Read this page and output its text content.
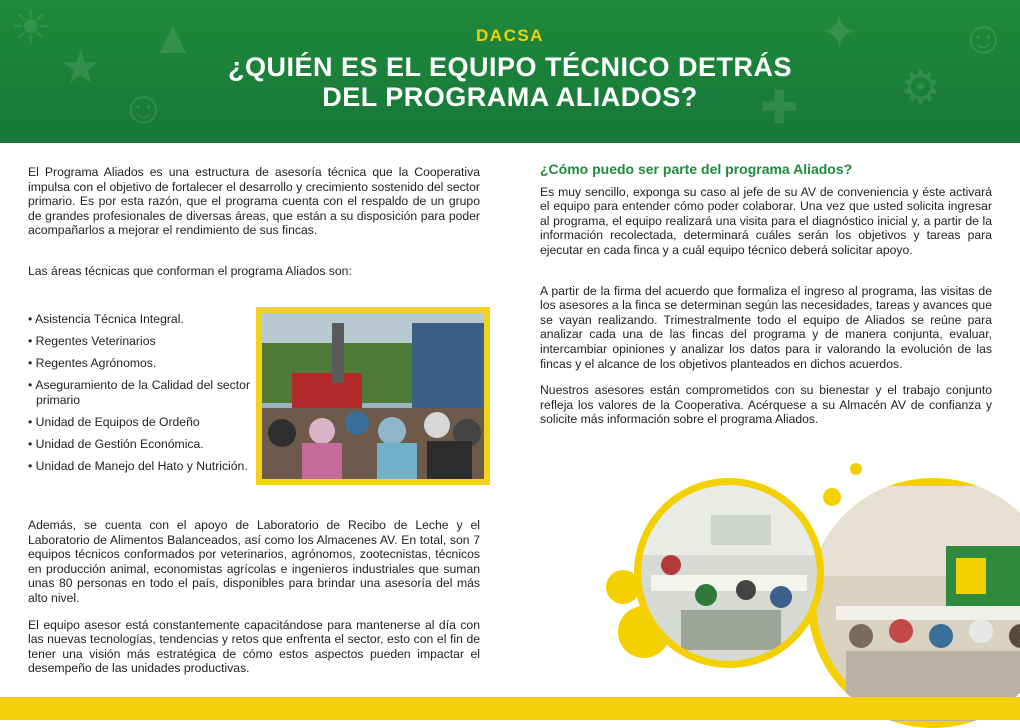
☀
★
▲
☺
✦
⚙
☺
✚
DACSA
¿QUIÉN ES EL EQUIPO TÉCNICO DETRÁS
DEL PROGRAMA ALIADOS?

El Programa Aliados es una estructura de asesoría técnica que la Cooperativa impulsa con el objetivo de fortalecer el desarrollo y crecimiento sostenido del sector primario. Es por esta razón, que el programa cuenta con el respaldo de un grupo de grandes profesionales de diversas áreas, que están a su disposición para poder acompañarlos a mejorar el rendimiento de sus fincas.

Las áreas técnicas que conforman el programa Aliados son:

• Asistencia Técnica Integral.
• Regentes Veterinarios
• Regentes Agrónomos.
• Aseguramiento de la Calidad del sector primario
• Unidad de Equipos de Ordeño
• Unidad de Gestión Económica.
• Unidad de Manejo del Hato y Nutrición.

Además, se cuenta con el apoyo de Laboratorio de Recibo de Leche y el Laboratorio de Alimentos Balanceados, así como los Almacenes AV. En total, son 7 equipos técnicos conformados por veterinarios, agrónomos, zootecnistas, técnicos en producción animal, economistas agrícolas e ingenieros industriales que suman unas 80 personas en todo el país, disponibles para brindar una asesoría del más alto nivel.

El equipo asesor está constantemente capacitándose para mantenerse al día con las nuevas tecnologías, tendencias y retos que enfrenta el sector, esto con el fin de tener una visión más estratégica de cómo estos aspectos pueden impactar el desempeño de las unidades productivas.

¿Cómo puedo ser parte del programa Aliados?

Es muy sencillo, exponga su caso al jefe de su AV de conveniencia y éste activará el equipo para entender cómo poder colaborar. Una vez que usted solicita ingresar al programa, el equipo realizará una visita para el diagnóstico inicial y, a partir de la información recolectada, determinará cuáles serán los objetivos y tareas para ejecutar en cada finca y a cuál equipo técnico deberá solicitar apoyo.

A partir de la firma del acuerdo que formaliza el ingreso al programa, las visitas de los asesores a la finca se determinan según las necesidades, tareas y avances que se vayan realizando. Trimestralmente todo el equipo de Aliados se reúne para analizar cada una de las fincas del programa y de manera conjunta, evaluar, intercambiar opiniones y analizar los datos para ir valorando la evolución de las fincas y el alcance de los objetivos planteados en dichos acuerdos.

Nuestros asesores están comprometidos con su bienestar y el trabajo conjunto refleja los valores de la Cooperativa. Acérquese a su Almacén AV de confianza y solicite más información sobre el programa Aliados.
